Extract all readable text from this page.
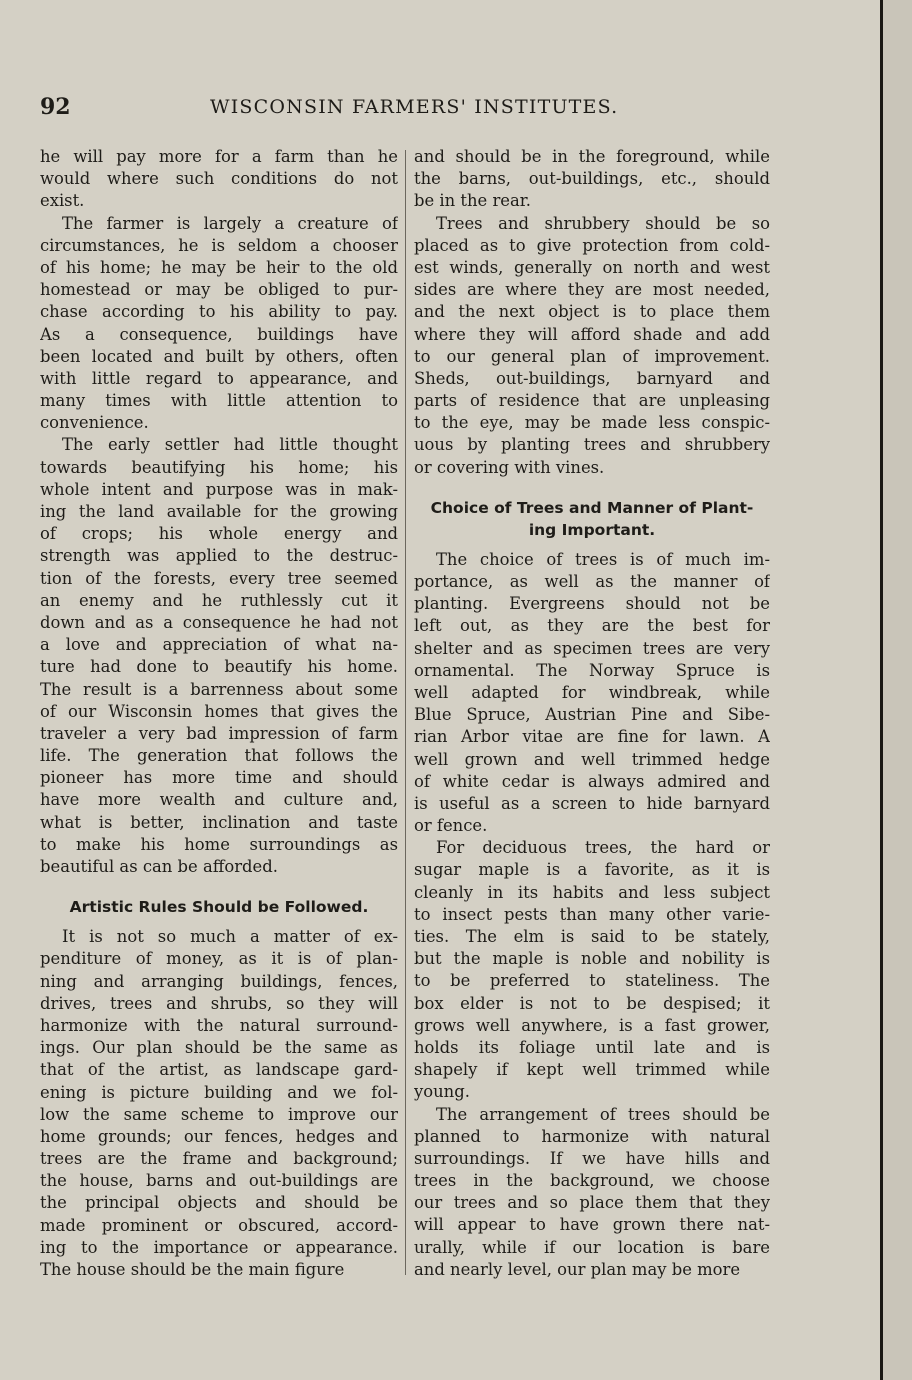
92	WISCONSIN FARMERS' INSTITUTES.
he will pay more for a farm than he
would where such conditions do not
exist.
The farmer is largely a creature of
circumstances, he is seldom a chooser
of his home; he may be heir to the old
homestead or may be obliged to pur-
chase according to his ability to pay.
As a consequence, buildings have
been located and built by others, often
with little regard to appearance, and
many times with little attention to
convenience.
The early settler had little thought
towards beautifying his home; his
whole intent and purpose was in mak-
ing the land available for the growing
of crops; his whole energy and
strength was applied to the destruc-
tion of the forests, every tree seemed
an enemy and he ruthlessly cut it
down and as a consequence he had not
a love and appreciation of what na-
ture had done to beautify his home.
The result is a barrenness about some
of our Wisconsin homes that gives the
traveler a very bad impression of farm
life. The generation that follows the
pioneer has more time and should
have more wealth and culture and,
what is better, inclination and taste
to make his home surroundings as
beautiful as can be afforded.
Artistic Rules Should be Followed.
It is not so much a matter of ex-
penditure of money, as it is of plan-
ning and arranging buildings, fences,
drives, trees and shrubs, so they will
harmonize with the natural surround-
ings. Our plan should be the same as
that of the artist, as landscape gard-
ening is picture building and we fol-
low the same scheme to improve our
home grounds; our fences, hedges and
trees are the frame and background;
the house, barns and out-buildings are
the principal objects and should be
made prominent or obscured, accord-
ing to the importance or appearance.
The house should be the main figure
and should be in the foreground, while
the barns, out-buildings, etc., should
be in the rear.
Trees and shrubbery should be so
placed as to give protection from cold-
est winds, generally on north and west
sides are where they are most needed,
and the next object is to place them
where they will afford shade and add
to our general plan of improvement.
Sheds, out-buildings, barnyard and
parts of residence that are unpleasing
to the eye, may be made less conspic-
uous by planting trees and shrubbery
or covering with vines.
Choice of Trees and Manner of Plant-
ing Important.
The choice of trees is of much im-
portance, as well as the manner of
planting. Evergreens should not be
left out, as they are the best for
shelter and as specimen trees are very
ornamental. The Norway Spruce is
well adapted for windbreak, while
Blue Spruce, Austrian Pine and Sibe-
rian Arbor vitae are fine for lawn. A
well grown and well trimmed hedge
of white cedar is always admired and
is useful as a screen to hide barnyard
or fence.
For deciduous trees, the hard or
sugar maple is a favorite, as it is
cleanly in its habits and less subject
to insect pests than many other varie-
ties. The elm is said to be stately,
but the maple is noble and nobility is
to be preferred to stateliness. The
box elder is not to be despised; it
grows well anywhere, is a fast grower,
holds its foliage until late and is
shapely if kept well trimmed while
young.
The arrangement of trees should be
planned to harmonize with natural
surroundings. If we have hills and
trees in the background, we choose
our trees and so place them that they
will appear to have grown there nat-
urally, while if our location is bare
and nearly level, our plan may be more
